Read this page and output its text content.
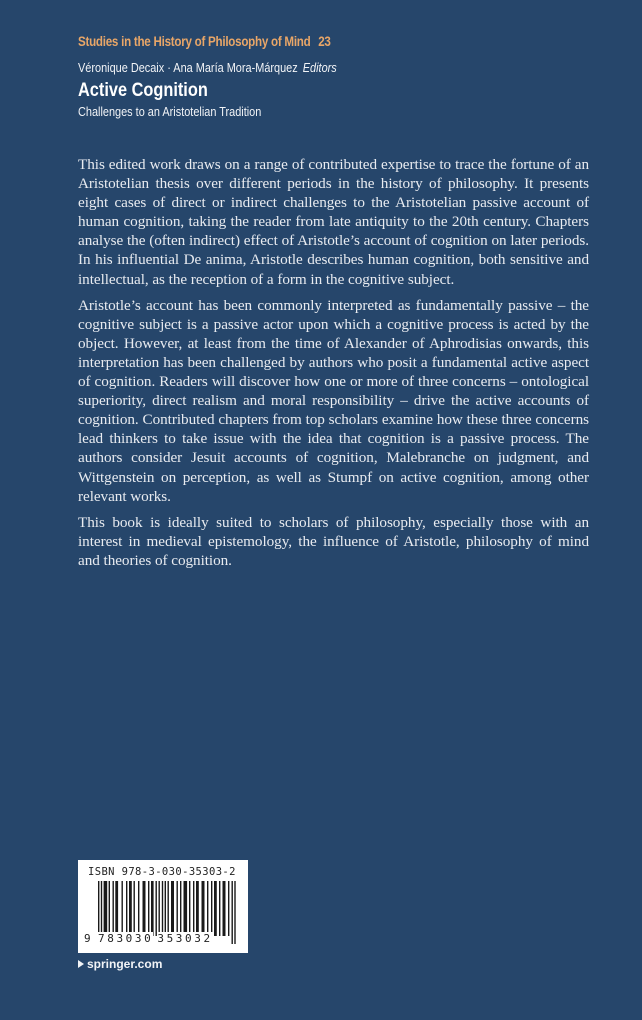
Studies in the History of Philosophy of Mind 23
Véronique Decaix · Ana María Mora-Márquez Editors
Active Cognition
Challenges to an Aristotelian Tradition

This edited work draws on a range of contributed expertise to trace the fortune of an Aristotelian thesis over different periods in the history of philosophy. It presents eight cases of direct or indirect challenges to the Aristotelian passive account of human cognition, taking the reader from late antiquity to the 20th century. Chapters analyse the (often indirect) effect of Aristotle’s account of cognition on later periods. In his influential De anima, Aristotle describes human cognition, both sensitive and intellectual, as the reception of a form in the cognitive subject.

Aristotle’s account has been commonly interpreted as fundamentally passive – the cognitive subject is a passive actor upon which a cognitive process is acted by the object. However, at least from the time of Alexander of Aphrodisias onwards, this interpretation has been challenged by authors who posit a fundamental active aspect of cognition. Readers will discover how one or more of three concerns – ontological superiority, direct realism and moral responsibility – drive the active accounts of cognition. Contributed chapters from top scholars examine how these three concerns lead thinkers to take issue with the idea that cognition is a passive process. The authors consider Jesuit accounts of cognition, Malebranche on judgment, and Wittgenstein on perception, as well as Stumpf on active cognition, among other relevant works.

This book is ideally suited to scholars of philosophy, especially those with an interest in medieval epistemology, the influence of Aristotle, philosophy of mind and theories of cognition.

ISBN 978-3-030-35303-2
9 783030 353032
springer.com
